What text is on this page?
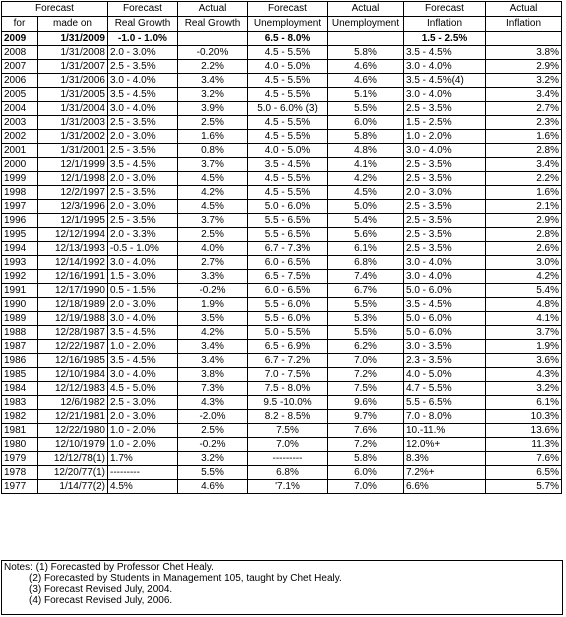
Forecast		Forecast	Actual	Forecast	Actual	Forecast	Actual
for	made on	Real Growth	Real Growth	Unemployment	Unemployment	Inflation	Inflation
2009	1/31/2009	-1.0 - 1.0%		6.5 - 8.0%		1.5 - 2.5%	
2008	1/31/2008	2.0 - 3.0%	-0.20%	4.5 - 5.5%	5.8%	3.5 - 4.5%	3.8%
2007	1/31/2007	2.5 - 3.5%	2.2%	4.0 - 5.0%	4.6%	3.0 - 4.0%	2.9%
2006	1/31/2006	3.0 - 4.0%	3.4%	4.5 - 5.5%	4.6%	3.5 - 4.5%(4)	3.2%
2005	1/31/2005	3.5 - 4.5%	3.2%	4.5 - 5.5%	5.1%	3.0 - 4.0%	3.4%
2004	1/31/2004	3.0 - 4.0%	3.9%	5.0 - 6.0% (3)	5.5%	2.5 - 3.5%	2.7%
2003	1/31/2003	2.5 - 3.5%	2.5%	4.5 - 5.5%	6.0%	1.5 - 2.5%	2.3%
2002	1/31/2002	2.0 - 3.0%	1.6%	4.5 - 5.5%	5.8%	1.0 - 2.0%	1.6%
2001	1/31/2001	2.5 - 3.5%	0.8%	4.0 - 5.0%	4.8%	3.0 - 4.0%	2.8%
2000	12/1/1999	3.5 - 4.5%	3.7%	3.5 - 4.5%	4.1%	2.5 - 3.5%	3.4%
1999	12/1/1998	2.0 - 3.0%	4.5%	4.5 - 5.5%	4.2%	2.5 - 3.5%	2.2%
1998	12/2/1997	2.5 - 3.5%	4.2%	4.5 - 5.5%	4.5%	2.0 - 3.0%	1.6%
1997	12/3/1996	2.0 - 3.0%	4.5%	5.0 - 6.0%	5.0%	2.5 - 3.5%	2.1%
1996	12/1/1995	2.5 - 3.5%	3.7%	5.5 - 6.5%	5.4%	2.5 - 3.5%	2.9%
1995	12/12/1994	2.0 - 3.3%	2.5%	5.5 - 6.5%	5.6%	2.5 - 3.5%	2.8%
1994	12/13/1993	-0.5 - 1.0%	4.0%	6.7 - 7.3%	6.1%	2.5 - 3.5%	2.6%
1993	12/14/1992	3.0 - 4.0%	2.7%	6.0 - 6.5%	6.8%	3.0 - 4.0%	3.0%
1992	12/16/1991	1.5 - 3.0%	3.3%	6.5 - 7.5%	7.4%	3.0 - 4.0%	4.2%
1991	12/17/1990	0.5 - 1.5%	-0.2%	6.0 - 6.5%	6.7%	5.0 - 6.0%	5.4%
1990	12/18/1989	2.0 - 3.0%	1.9%	5.5 - 6.0%	5.5%	3.5 - 4.5%	4.8%
1989	12/19/1988	3.0 - 4.0%	3.5%	5.5 - 6.0%	5.3%	5.0 - 6.0%	4.1%
1988	12/28/1987	3.5 - 4.5%	4.2%	5.0 - 5.5%	5.5%	5.0 - 6.0%	3.7%
1987	12/22/1987	1.0 - 2.0%	3.4%	6.5 - 6.9%	6.2%	3.0 - 3.5%	1.9%
1986	12/16/1985	3.5 - 4.5%	3.4%	6.7 - 7.2%	7.0%	2.3 - 3.5%	3.6%
1985	12/10/1984	3.0 - 4.0%	3.8%	7.0 - 7.5%	7.2%	4.0 - 5.0%	4.3%
1984	12/12/1983	4.5 - 5.0%	7.3%	7.5 - 8.0%	7.5%	4.7 - 5.5%	3.2%
1983	12/6/1982	2.5 - 3.0%	4.3%	9.5 -10.0%	9.6%	5.5 - 6.5%	6.1%
1982	12/21/1981	2.0 - 3.0%	-2.0%	8.2 - 8.5%	9.7%	7.0 - 8.0%	10.3%
1981	12/22/1980	1.0 - 2.0%	2.5%	7.5%	7.6%	10.-11.%	13.6%
1980	12/10/1979	1.0 - 2.0%	-0.2%	7.0%	7.2%	12.0%+	11.3%
1979	12/12/78(1)	1.7%	3.2%	---------	5.8%	8.3%	7.6%
1978	12/20/77(1)	---------	5.5%	6.8%	6.0%	7.2%+	6.5%
1977	1/14/77(2)	4.5%	4.6%	'7.1%	7.0%	6.6%	5.7%
Notes: (1) Forecasted by Professor Chet Healy.
(2) Forecasted by Students in Management 105, taught by Chet Healy.
(3) Forecast Revised July, 2004.
(4) Forecast Revised July, 2006.
